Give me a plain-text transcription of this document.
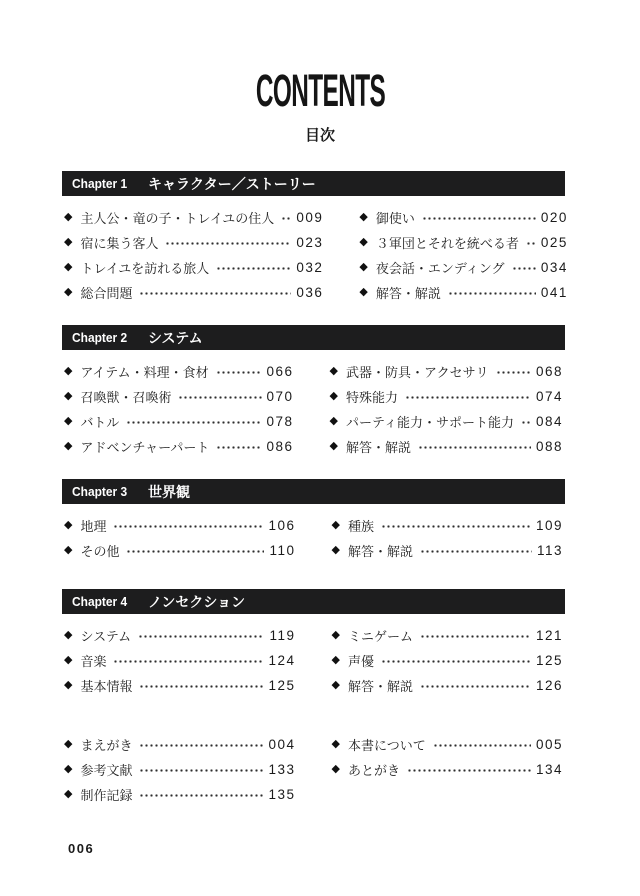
CONTENTS
目次
Chapter 1 キャラクター／ストーリー
◆ 主人公・竜の子・トレイユの住人 009
◆ 宿に集う客人	023
◆ トレイユを訪れる旅人	032
◆ 総合問題	036
◆ 御使い	020
◆ ３軍団とそれを統べる者 025
◆ 夜会話・エンディング	034
◆ 解答・解説	041
Chapter 2 システム
◆ アイテム・料理・食材	066
◆ 召喚獣・召喚術	070
◆ バトル	078
◆ アドベンチャーパート	086
◆ 武器・防具・アクセサリ	068
◆ 特殊能力	074
◆ パーティ能力・サポート能力 084
◆ 解答・解説	088
Chapter 3 世界観
◆ 地理	106
◆ その他	110
◆ 種族	109
◆ 解答・解説	113
Chapter 4 ノンセクション
◆ システム	119
◆ 音楽	124
◆ 基本情報	125
◆ ミニゲーム	121
◆ 声優	125
◆ 解答・解説	126
◆ まえがき	004
◆ 参考文献	133
◆ 制作記録	135
◆ 本書について	005
◆ あとがき	134
006
